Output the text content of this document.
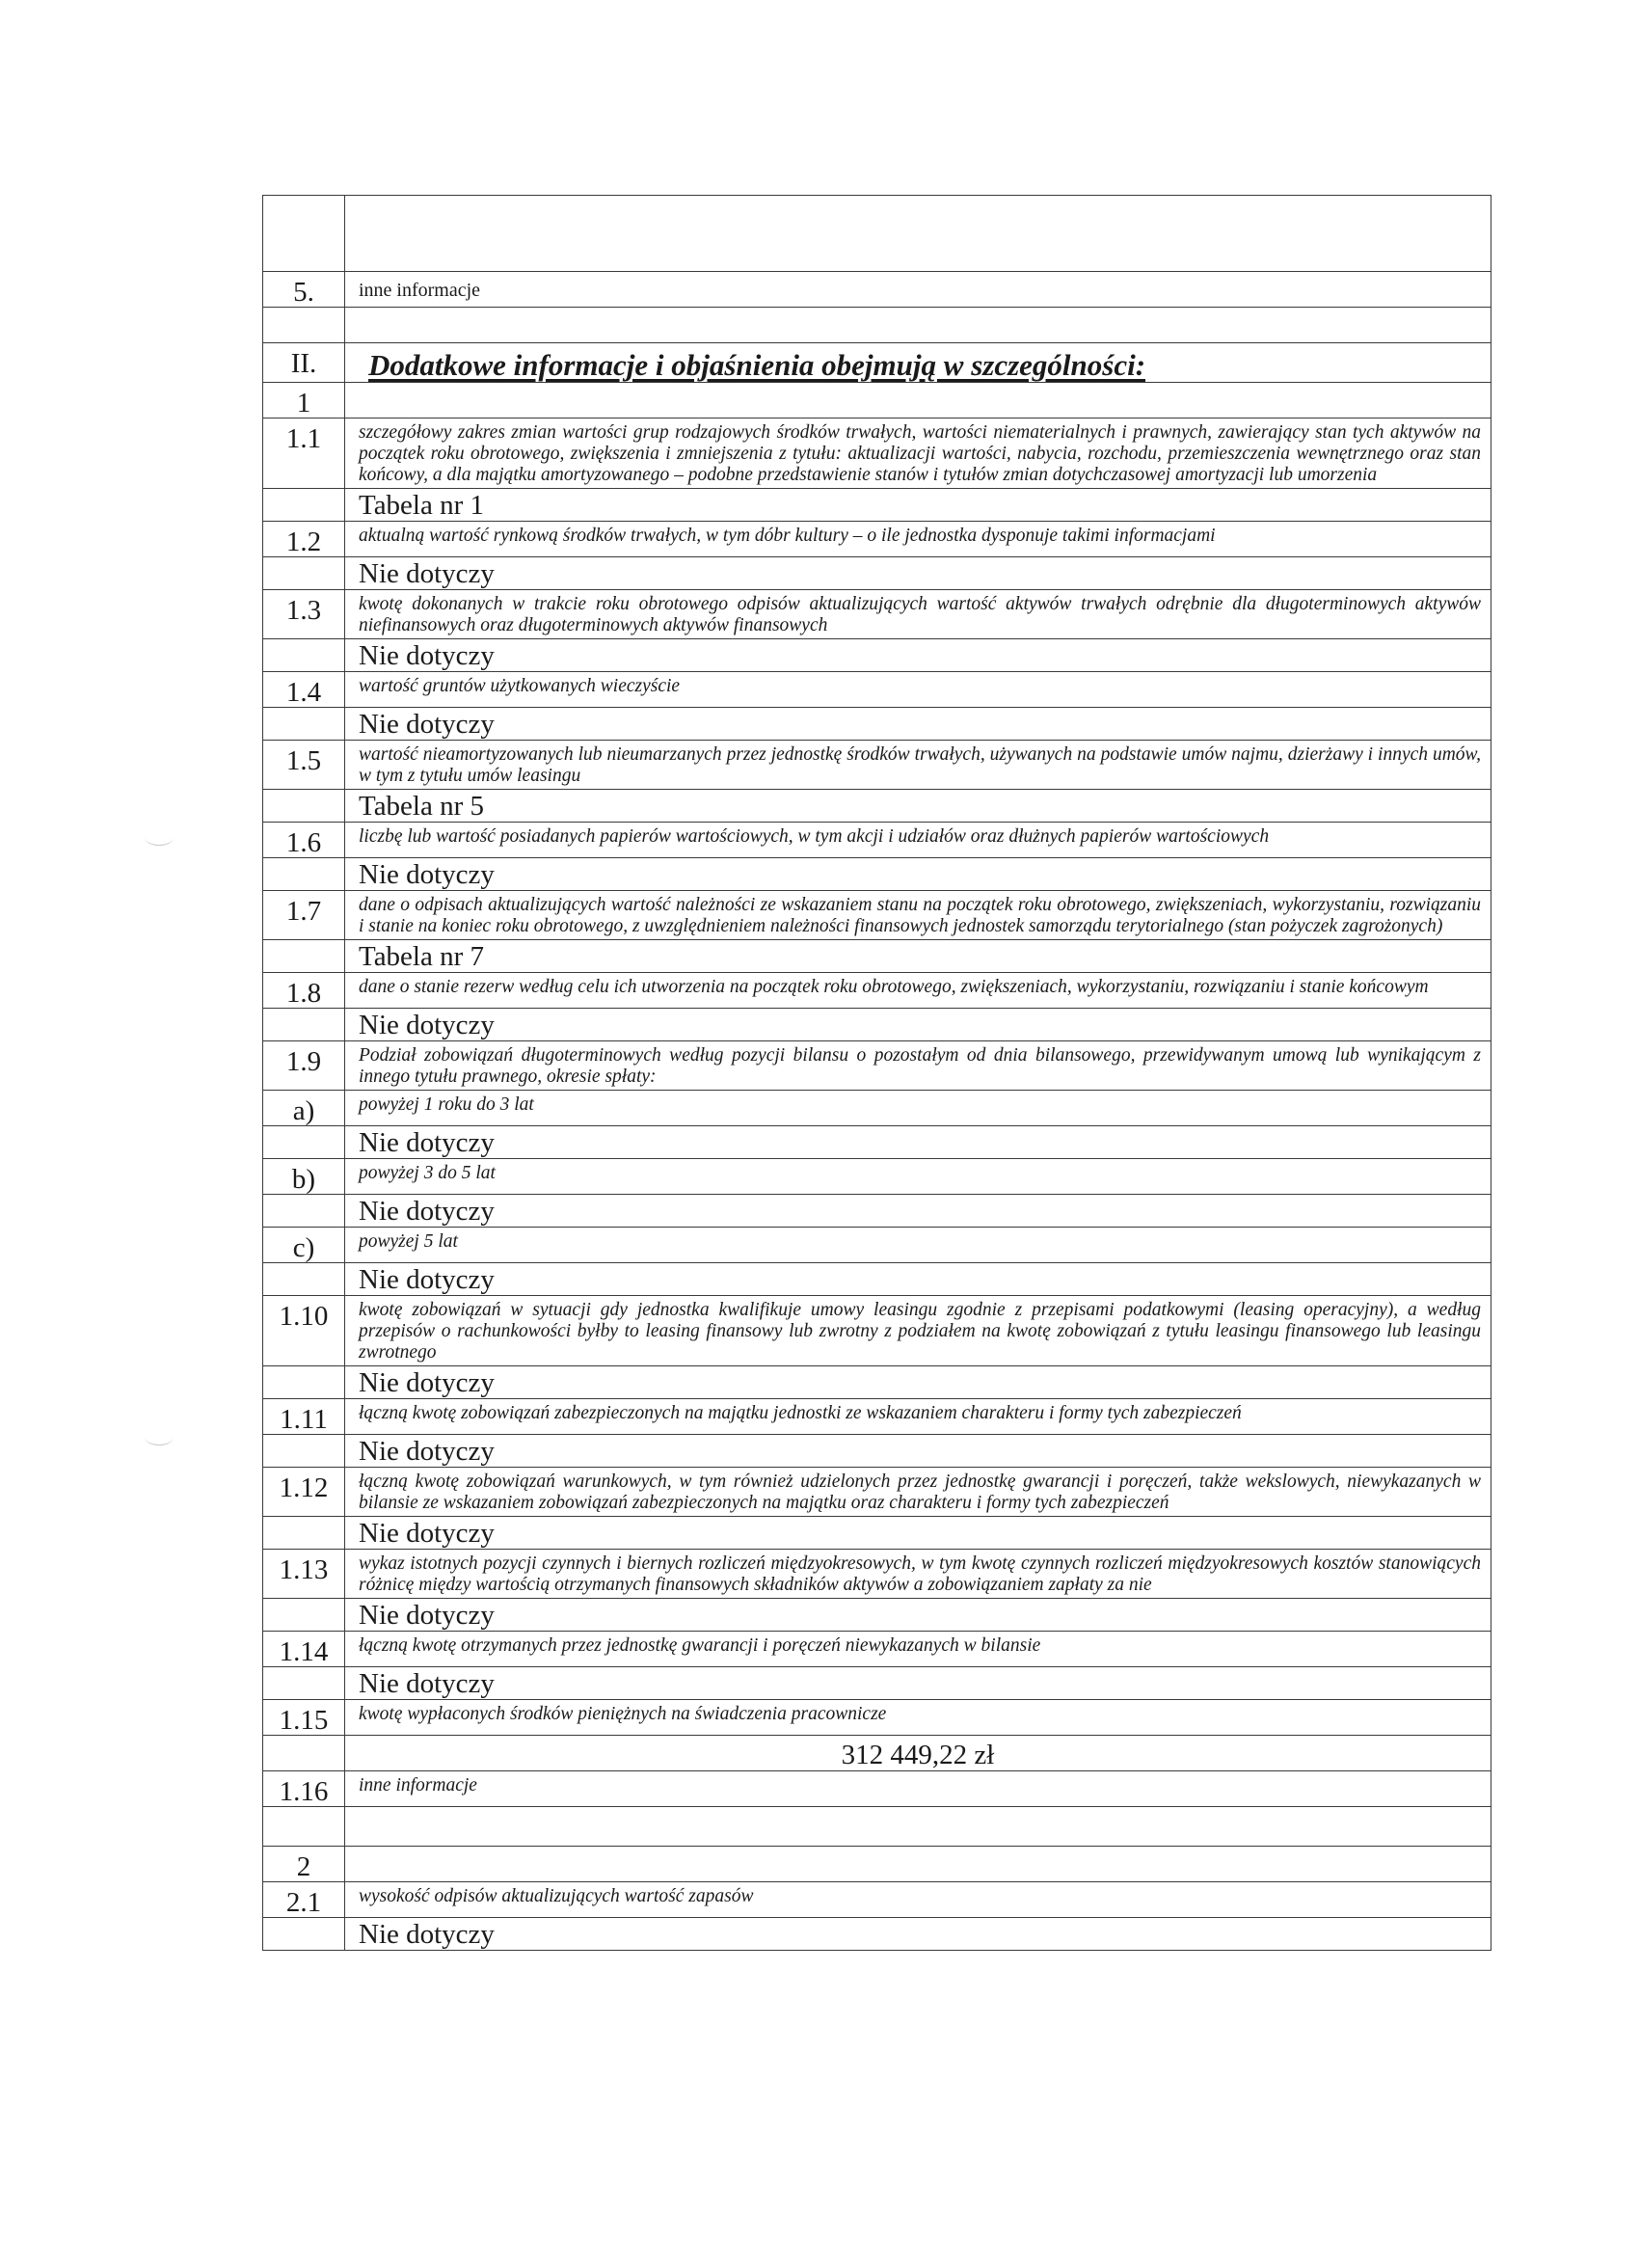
5.	inne informacje

II.	Dodatkowe informacje i objaśnienia obejmują w szczególności:
1	
1.1	szczegółowy zakres zmian wartości grup rodzajowych środków trwałych, wartości niematerialnych i prawnych, zawierający stan tych aktywów na początek roku obrotowego, zwiększenia i zmniejszenia z tytułu: aktualizacji wartości, nabycia, rozchodu, przemieszczenia wewnętrznego oraz stan końcowy, a dla majątku amortyzowanego – podobne przedstawienie stanów i tytułów zmian dotychczasowej amortyzacji lub umorzenia
	Tabela nr 1
1.2	aktualną wartość rynkową środków trwałych, w tym dóbr kultury – o ile jednostka dysponuje takimi informacjami
	Nie dotyczy
1.3	kwotę dokonanych w trakcie roku obrotowego odpisów aktualizujących wartość aktywów trwałych odrębnie dla długoterminowych aktywów niefinansowych oraz długoterminowych aktywów finansowych
	Nie dotyczy
1.4	wartość gruntów użytkowanych wieczyście
	Nie dotyczy
1.5	wartość nieamortyzowanych lub nieumarzanych przez jednostkę środków trwałych, używanych na podstawie umów najmu, dzierżawy i innych umów, w tym z tytułu umów leasingu
	Tabela nr 5
1.6	liczbę lub wartość posiadanych papierów wartościowych, w tym akcji i udziałów oraz dłużnych papierów wartościowych
	Nie dotyczy
1.7	dane o odpisach aktualizujących wartość należności ze wskazaniem stanu na początek roku obrotowego, zwiększeniach, wykorzystaniu, rozwiązaniu i stanie na koniec roku obrotowego, z uwzględnieniem należności finansowych jednostek samorządu terytorialnego (stan pożyczek zagrożonych)
	Tabela nr 7
1.8	dane o stanie rezerw według celu ich utworzenia na początek roku obrotowego, zwiększeniach, wykorzystaniu, rozwiązaniu i stanie końcowym
	Nie dotyczy
1.9	Podział zobowiązań długoterminowych według pozycji bilansu o pozostałym od dnia bilansowego, przewidywanym umową lub wynikającym z innego tytułu prawnego, okresie spłaty:
a)	powyżej 1 roku do 3 lat
	Nie dotyczy
b)	powyżej 3 do 5 lat
	Nie dotyczy
c)	powyżej 5 lat
	Nie dotyczy
1.10	kwotę zobowiązań w sytuacji gdy jednostka kwalifikuje umowy leasingu zgodnie z przepisami podatkowymi (leasing operacyjny), a według przepisów o rachunkowości byłby to leasing finansowy lub zwrotny z podziałem na kwotę zobowiązań z tytułu leasingu finansowego lub leasingu zwrotnego
	Nie dotyczy
1.11	łączną kwotę zobowiązań zabezpieczonych na majątku jednostki ze wskazaniem charakteru i formy tych zabezpieczeń
	Nie dotyczy
1.12	łączną kwotę zobowiązań warunkowych, w tym również udzielonych przez jednostkę gwarancji i poręczeń, także wekslowych, niewykazanych w bilansie ze wskazaniem zobowiązań zabezpieczonych na majątku oraz charakteru i formy tych zabezpieczeń
	Nie dotyczy
1.13	wykaz istotnych pozycji czynnych i biernych rozliczeń międzyokresowych, w tym kwotę czynnych rozliczeń międzyokresowych kosztów stanowiących różnicę między wartością otrzymanych finansowych składników aktywów a zobowiązaniem zapłaty za nie
	Nie dotyczy
1.14	łączną kwotę otrzymanych przez jednostkę gwarancji i poręczeń niewykazanych w bilansie
	Nie dotyczy
1.15	kwotę wypłaconych środków pieniężnych na świadczenia pracownicze
	312 449,22 zł
1.16	inne informacje

2	
2.1	wysokość odpisów aktualizujących wartość zapasów
	Nie dotyczy
